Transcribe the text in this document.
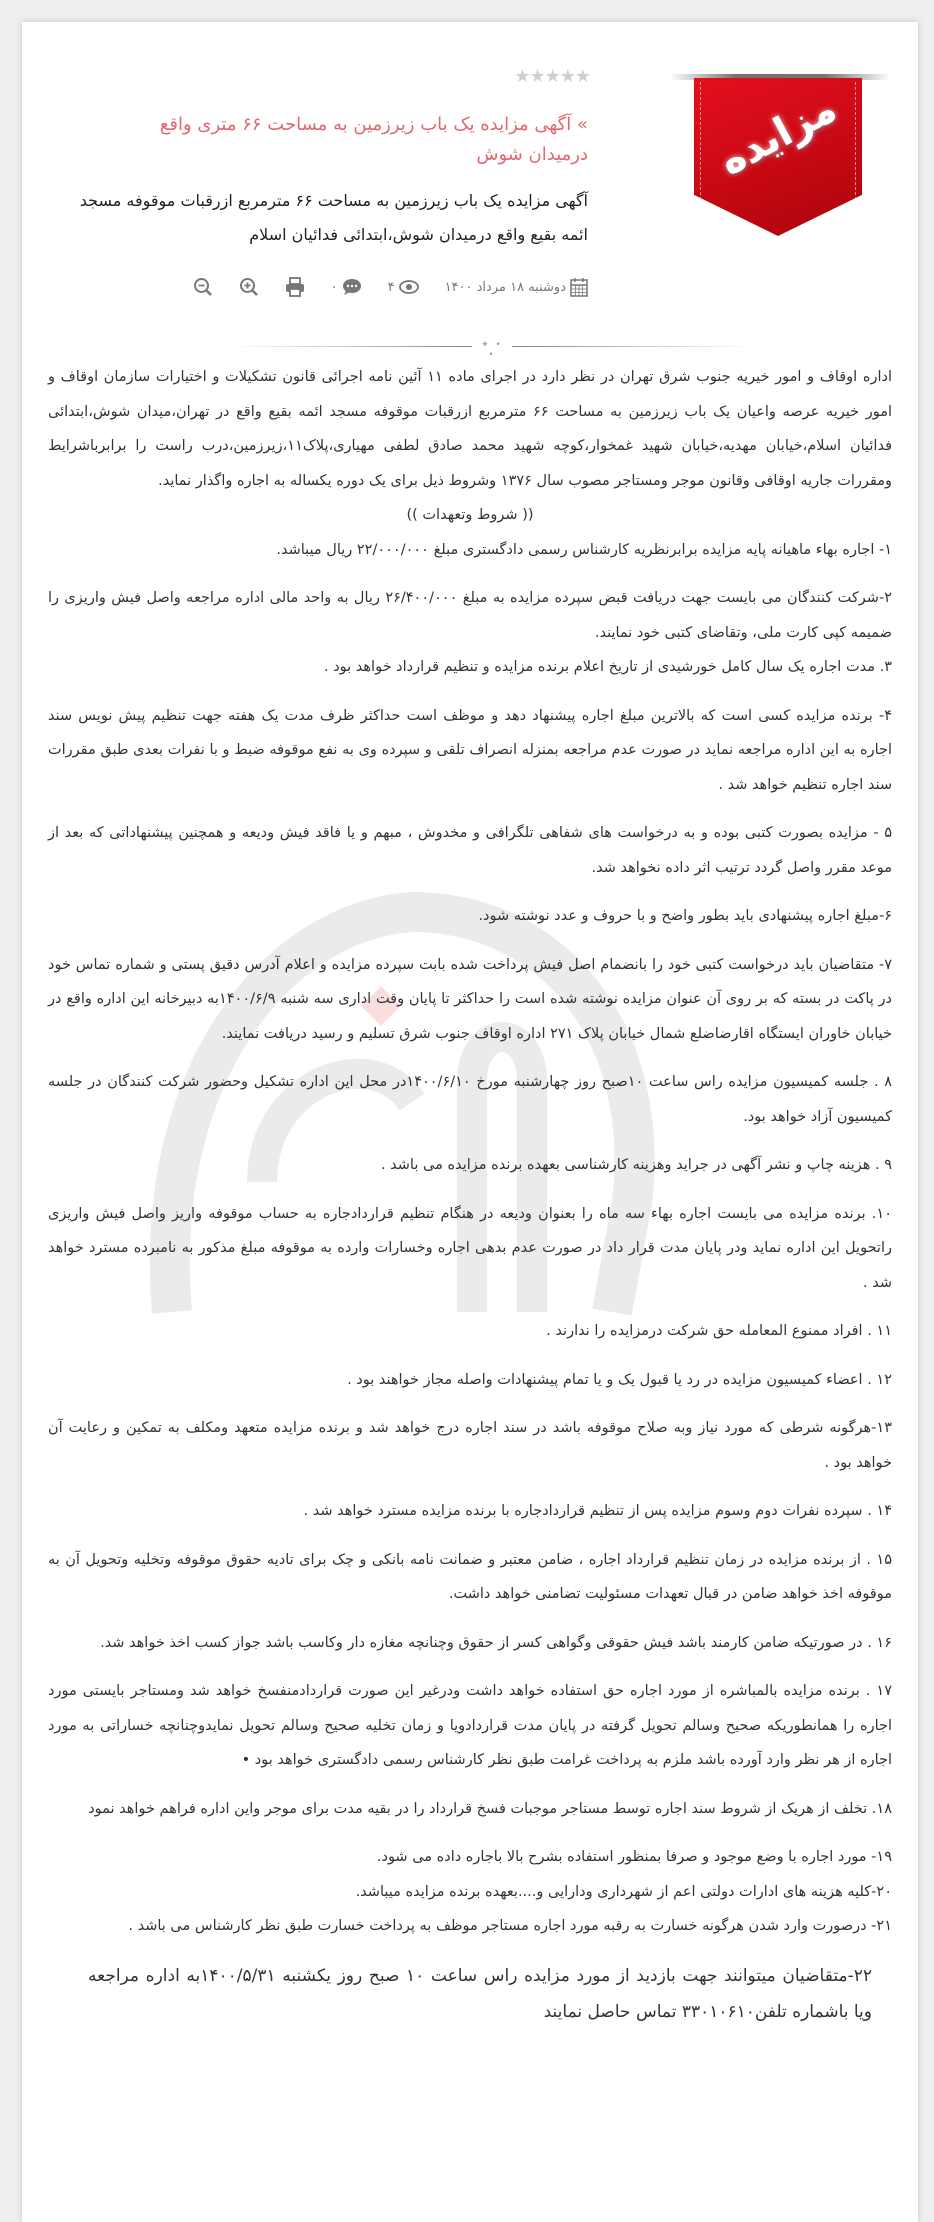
مزایده
★★★★★
» آگهی مزایده یک باب زیرزمین به مساحت ۶۶ متری واقع درمیدان شوش
آگهی مزایده یک باب زیرزمین به مساحت ۶۶ مترمربع ازرقبات موقوفه مسجد ائمه بقیع واقع درمیدان شوش،ابتدائی فدائیان اسلام
دوشنبه ۱۸ مرداد ۱۴۰۰
۴
۰
• ✦ •

اداره اوقاف و امور خیریه جنوب شرق تهران در نظر دارد در اجرای ماده ۱۱ آئین نامه اجرائی قانون تشکیلات و اختیارات سازمان اوقاف و امور خیریه عرصه واعیان یک باب زیرزمین به مساحت ۶۶ مترمربع ازرقبات موقوفه مسجد ائمه بقیع واقع در تهران،میدان شوش،ابتدائی فدائیان اسلام،خیابان مهدیه،خیابان شهید غمخوار،کوچه شهید محمد صادق لطفی مهیاری،پلاک۱۱،زیرزمین،درب راست را برابرباشرایط ومقررات جاریه اوقافی وقانون موجر ومستاجر مصوب سال ۱۳۷۶ وشروط ذیل برای یک دوره یکساله به اجاره واگذار نماید.

(( شروط وتعهدات ))

۱- اجاره بهاء ماهیانه پایه مزایده برابرنظریه کارشناس رسمی دادگستری مبلغ ۲۲/۰۰۰/۰۰۰ ریال میباشد.

۲-شرکت کنندگان می بایست جهت دریافت قبض سپرده مزایده به مبلغ ۲۶/۴۰۰/۰۰۰ ریال به واحد مالی اداره مراجعه واصل فیش واریزی را ضمیمه کپی کارت ملی، وتقاضای کتبی خود نمایند.

۳. مدت اجاره یک سال کامل خورشیدی از تاریخ اعلام برنده مزایده و تنظیم قرارداد خواهد بود .

۴- برنده مزایده کسی است که بالاترین مبلغ اجاره پیشنهاد دهد و موظف است حداکثر ظرف مدت یک هفته جهت تنظیم پیش نویس سند اجاره به این اداره مراجعه نماید در صورت عدم مراجعه بمنزله انصراف تلقی و سپرده وی به نفع موقوفه ضبط و با نفرات بعدی طبق مقررات سند اجاره تنظیم خواهد شد .

۵ - مزایده بصورت کتبی بوده و به درخواست های شفاهی تلگرافی و مخدوش ، مبهم و یا فاقد فیش ودیعه و همچنین پیشنهاداتی که بعد از موعد مقرر واصل گردد ترتیب اثر داده نخواهد شد.

۶-مبلغ اجاره پیشنهادی باید بطور واضح و با حروف و عدد نوشته شود.

۷- متقاضیان باید درخواست کتبی خود را بانضمام اصل فیش پرداخت شده بابت سپرده مزایده و اعلام آدرس دقیق پستی و شماره تماس خود در پاکت در بسته که بر روی آن عنوان مزایده نوشته شده است را حداکثر تا پایان وقت اداری سه شنبه ۱۴۰۰/۶/۹به دبیرخانه این اداره واقع در خیابان خاوران ایستگاه اقارضاضلع شمال خیابان پلاک ۲۷۱ اداره اوقاف جنوب شرق تسلیم و رسید دریافت نمایند.

۸ . جلسه کمیسیون مزایده راس ساعت ۱۰صبح روز چهارشنبه مورخ ۱۴۰۰/۶/۱۰در محل این اداره تشکیل وحضور شرکت کنندگان در جلسه کمیسیون آزاد خواهد بود.

۹ . هزینه چاپ و نشر آگهی در جراید وهزینه کارشناسی بعهده برنده مزایده می باشد .

۱۰. برنده مزایده می بایست اجاره بهاء سه ماه را بعنوان ودیعه در هنگام تنظیم قراردادجاره به حساب موقوفه واریز واصل فیش واریزی راتحویل این اداره نماید ودر پایان مدت قرار داد در صورت عدم بدهی اجاره وخسارات وارده به موقوفه مبلغ مذکور به نامبرده مسترد خواهد شد .

۱۱ . افراد ممنوع المعامله حق شرکت درمزایده را ندارند .

۱۲ . اعضاء کمیسیون مزایده در رد یا قبول یک و یا تمام پیشنهادات واصله مجاز خواهند بود .

۱۳-هرگونه شرطی که مورد نیاز وبه صلاح موقوفه باشد در سند اجاره درج خواهد شد و برنده مزایده متعهد ومکلف به تمکین و رعایت آن خواهد بود .

۱۴ . سپرده نفرات دوم وسوم مزایده پس از تنظیم قراردادجاره با برنده مزایده مسترد خواهد شد .

۱۵ . از برنده مزایده در زمان تنظیم قرارداد اجاره ، ضامن معتبر و ضمانت نامه بانکی و چک برای تادیه حقوق موقوفه وتخلیه وتحویل آن به موقوفه اخذ خواهد ضامن در قبال تعهدات مسئولیت تضامنی خواهد داشت.

۱۶ . در صورتیکه ضامن کارمند باشد فیش حقوقی وگواهی کسر از حقوق وچنانچه مغازه دار وکاسب باشد جواز کسب اخذ خواهد شد.

۱۷ . برنده مزایده بالمباشره از مورد اجاره حق استفاده خواهد داشت ودرغیر این صورت قراردادمنفسخ خواهد شد ومستاجر بایستی مورد اجاره را همانطوریکه صحیح وسالم تحویل گرفته در پایان مدت قراردادویا و زمان تخلیه صحیح وسالم تحویل نمایدوچنانچه خساراتی به مورد اجاره از هر نظر وارد آورده باشد ملزم به پرداخت غرامت طبق نظر کارشناس رسمی دادگستری خواهد بود •

۱۸. تخلف از هریک از شروط سند اجاره توسط مستاجر موجبات فسخ قرارداد را در بقیه مدت برای موجر واین اداره فراهم خواهد نمود

۱۹- مورد اجاره با وضع موجود و صرفا بمنظور استفاده بشرح بالا باجاره داده می شود.

۲۰-کلیه هزینه های ادارات دولتی اعم از شهرداری ودارایی و....بعهده برنده مزایده میباشد.

۲۱- درصورت وارد شدن هرگونه خسارت به رقبه مورد اجاره مستاجر موظف به پرداخت خسارت طبق نظر کارشناس می باشد .

۲۲-متقاضیان میتوانند جهت بازدید از مورد مزایده راس ساعت ۱۰ صبح روز یکشنبه ۱۴۰۰/۵/۳۱به اداره مراجعه ویا باشماره تلفن۳۳۰۱۰۶۱۰ تماس حاصل نمایند
